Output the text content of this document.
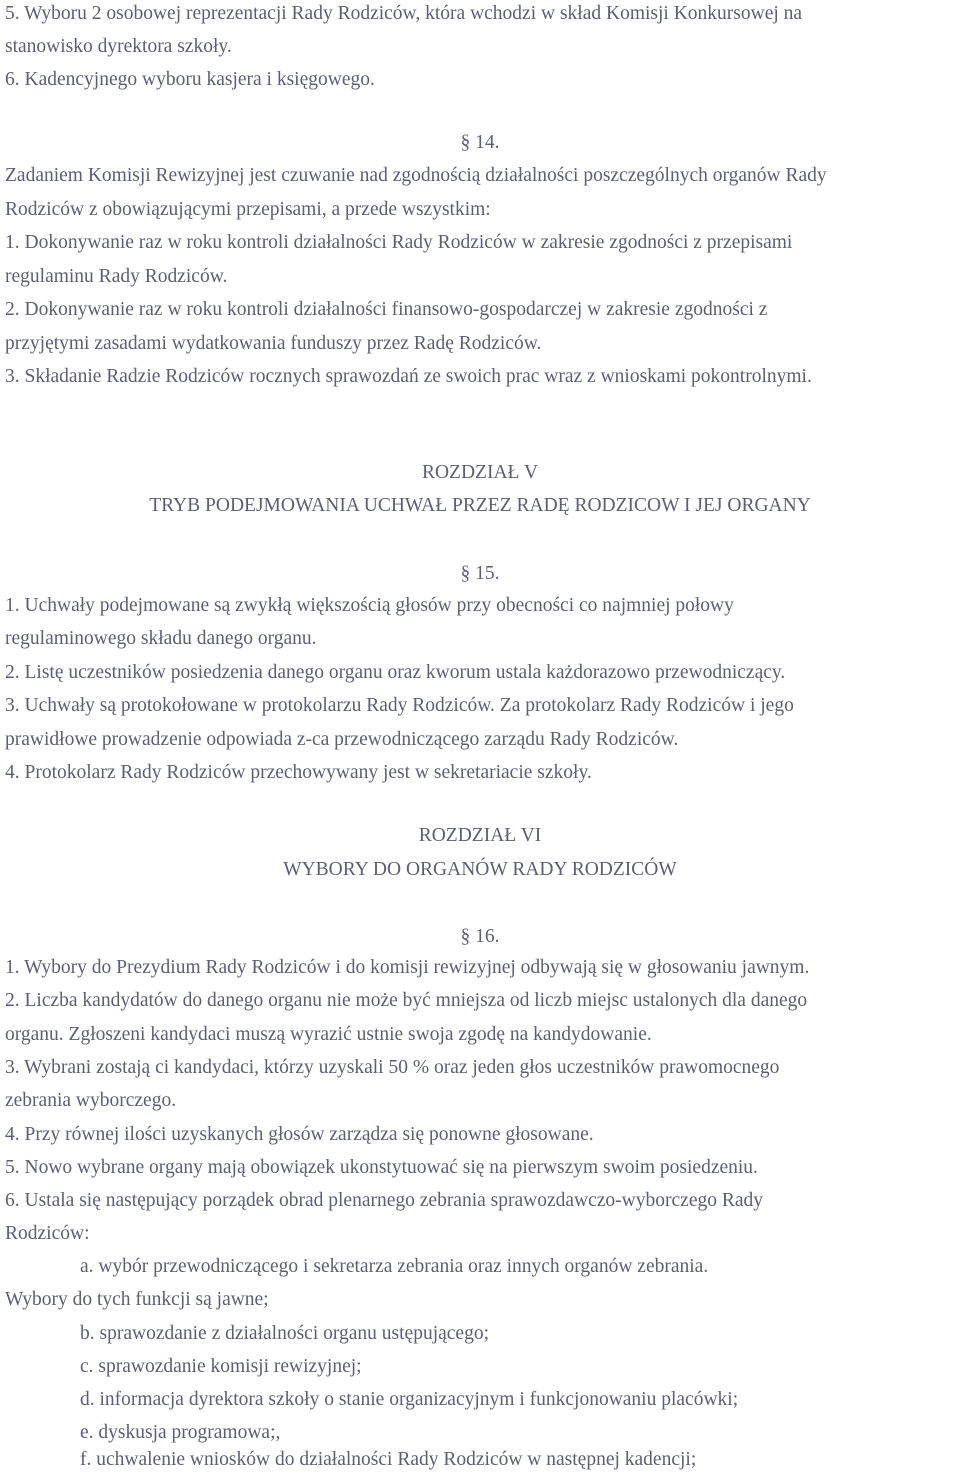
5. Wyboru 2 osobowej reprezentacji Rady Rodziców, która wchodzi w skład Komisji Konkursowej na
stanowisko dyrektora szkoły.
6. Kadencyjnego wyboru kasjera i księgowego.
§ 14.
Zadaniem Komisji Rewizyjnej jest czuwanie nad zgodnością działalności poszczególnych organów Rady
Rodziców z obowiązującymi przepisami, a przede wszystkim:
1. Dokonywanie raz w roku kontroli działalności Rady Rodziców w zakresie zgodności z przepisami
regulaminu Rady Rodziców.
2. Dokonywanie raz w roku kontroli działalności finansowo-gospodarczej w zakresie zgodności z
przyjętymi zasadami wydatkowania funduszy przez Radę Rodziców.
3. Składanie Radzie Rodziców rocznych sprawozdań ze swoich prac wraz z wnioskami pokontrolnymi.
ROZDZIAŁ V
TRYB PODEJMOWANIA UCHWAŁ PRZEZ RADĘ RODZICOW I JEJ ORGANY
§ 15.
1. Uchwały podejmowane są zwykłą większością głosów przy obecności co najmniej połowy
regulaminowego składu danego organu.
2. Listę uczestników posiedzenia danego organu oraz kworum ustala każdorazowo przewodniczący.
3. Uchwały są protokołowane w protokolarzu Rady Rodziców. Za protokolarz Rady Rodziców i jego
prawidłowe prowadzenie odpowiada z-ca przewodniczącego zarządu Rady Rodziców.
4. Protokolarz Rady Rodziców przechowywany jest w sekretariacie szkoły.
ROZDZIAŁ VI
WYBORY DO ORGANÓW RADY RODZICÓW
§ 16.
1. Wybory do Prezydium Rady Rodziców i do komisji rewizyjnej odbywają się w głosowaniu jawnym.
2. Liczba kandydatów do danego organu nie może być mniejsza od liczb miejsc ustalonych dla danego
organu. Zgłoszeni kandydaci muszą wyrazić ustnie swoja zgodę na kandydowanie.
3. Wybrani zostają ci kandydaci, którzy uzyskali 50 % oraz jeden głos uczestników prawomocnego
zebrania wyborczego.
4. Przy równej ilości uzyskanych głosów zarządza się ponowne głosowane.
5. Nowo wybrane organy mają obowiązek ukonstytuować się na pierwszym swoim posiedzeniu.
6. Ustala się następujący porządek obrad plenarnego zebrania sprawozdawczo-wyborczego Rady
Rodziców:
a. wybór przewodniczącego i sekretarza zebrania oraz innych organów zebrania.
Wybory do tych funkcji są jawne;
b. sprawozdanie z działalności organu ustępującego;
c. sprawozdanie komisji rewizyjnej;
d. informacja dyrektora szkoły o stanie organizacyjnym i funkcjonowaniu placówki;
e. dyskusja programowa;,
f. uchwalenie wniosków do działalności Rady Rodziców w następnej kadencji;
